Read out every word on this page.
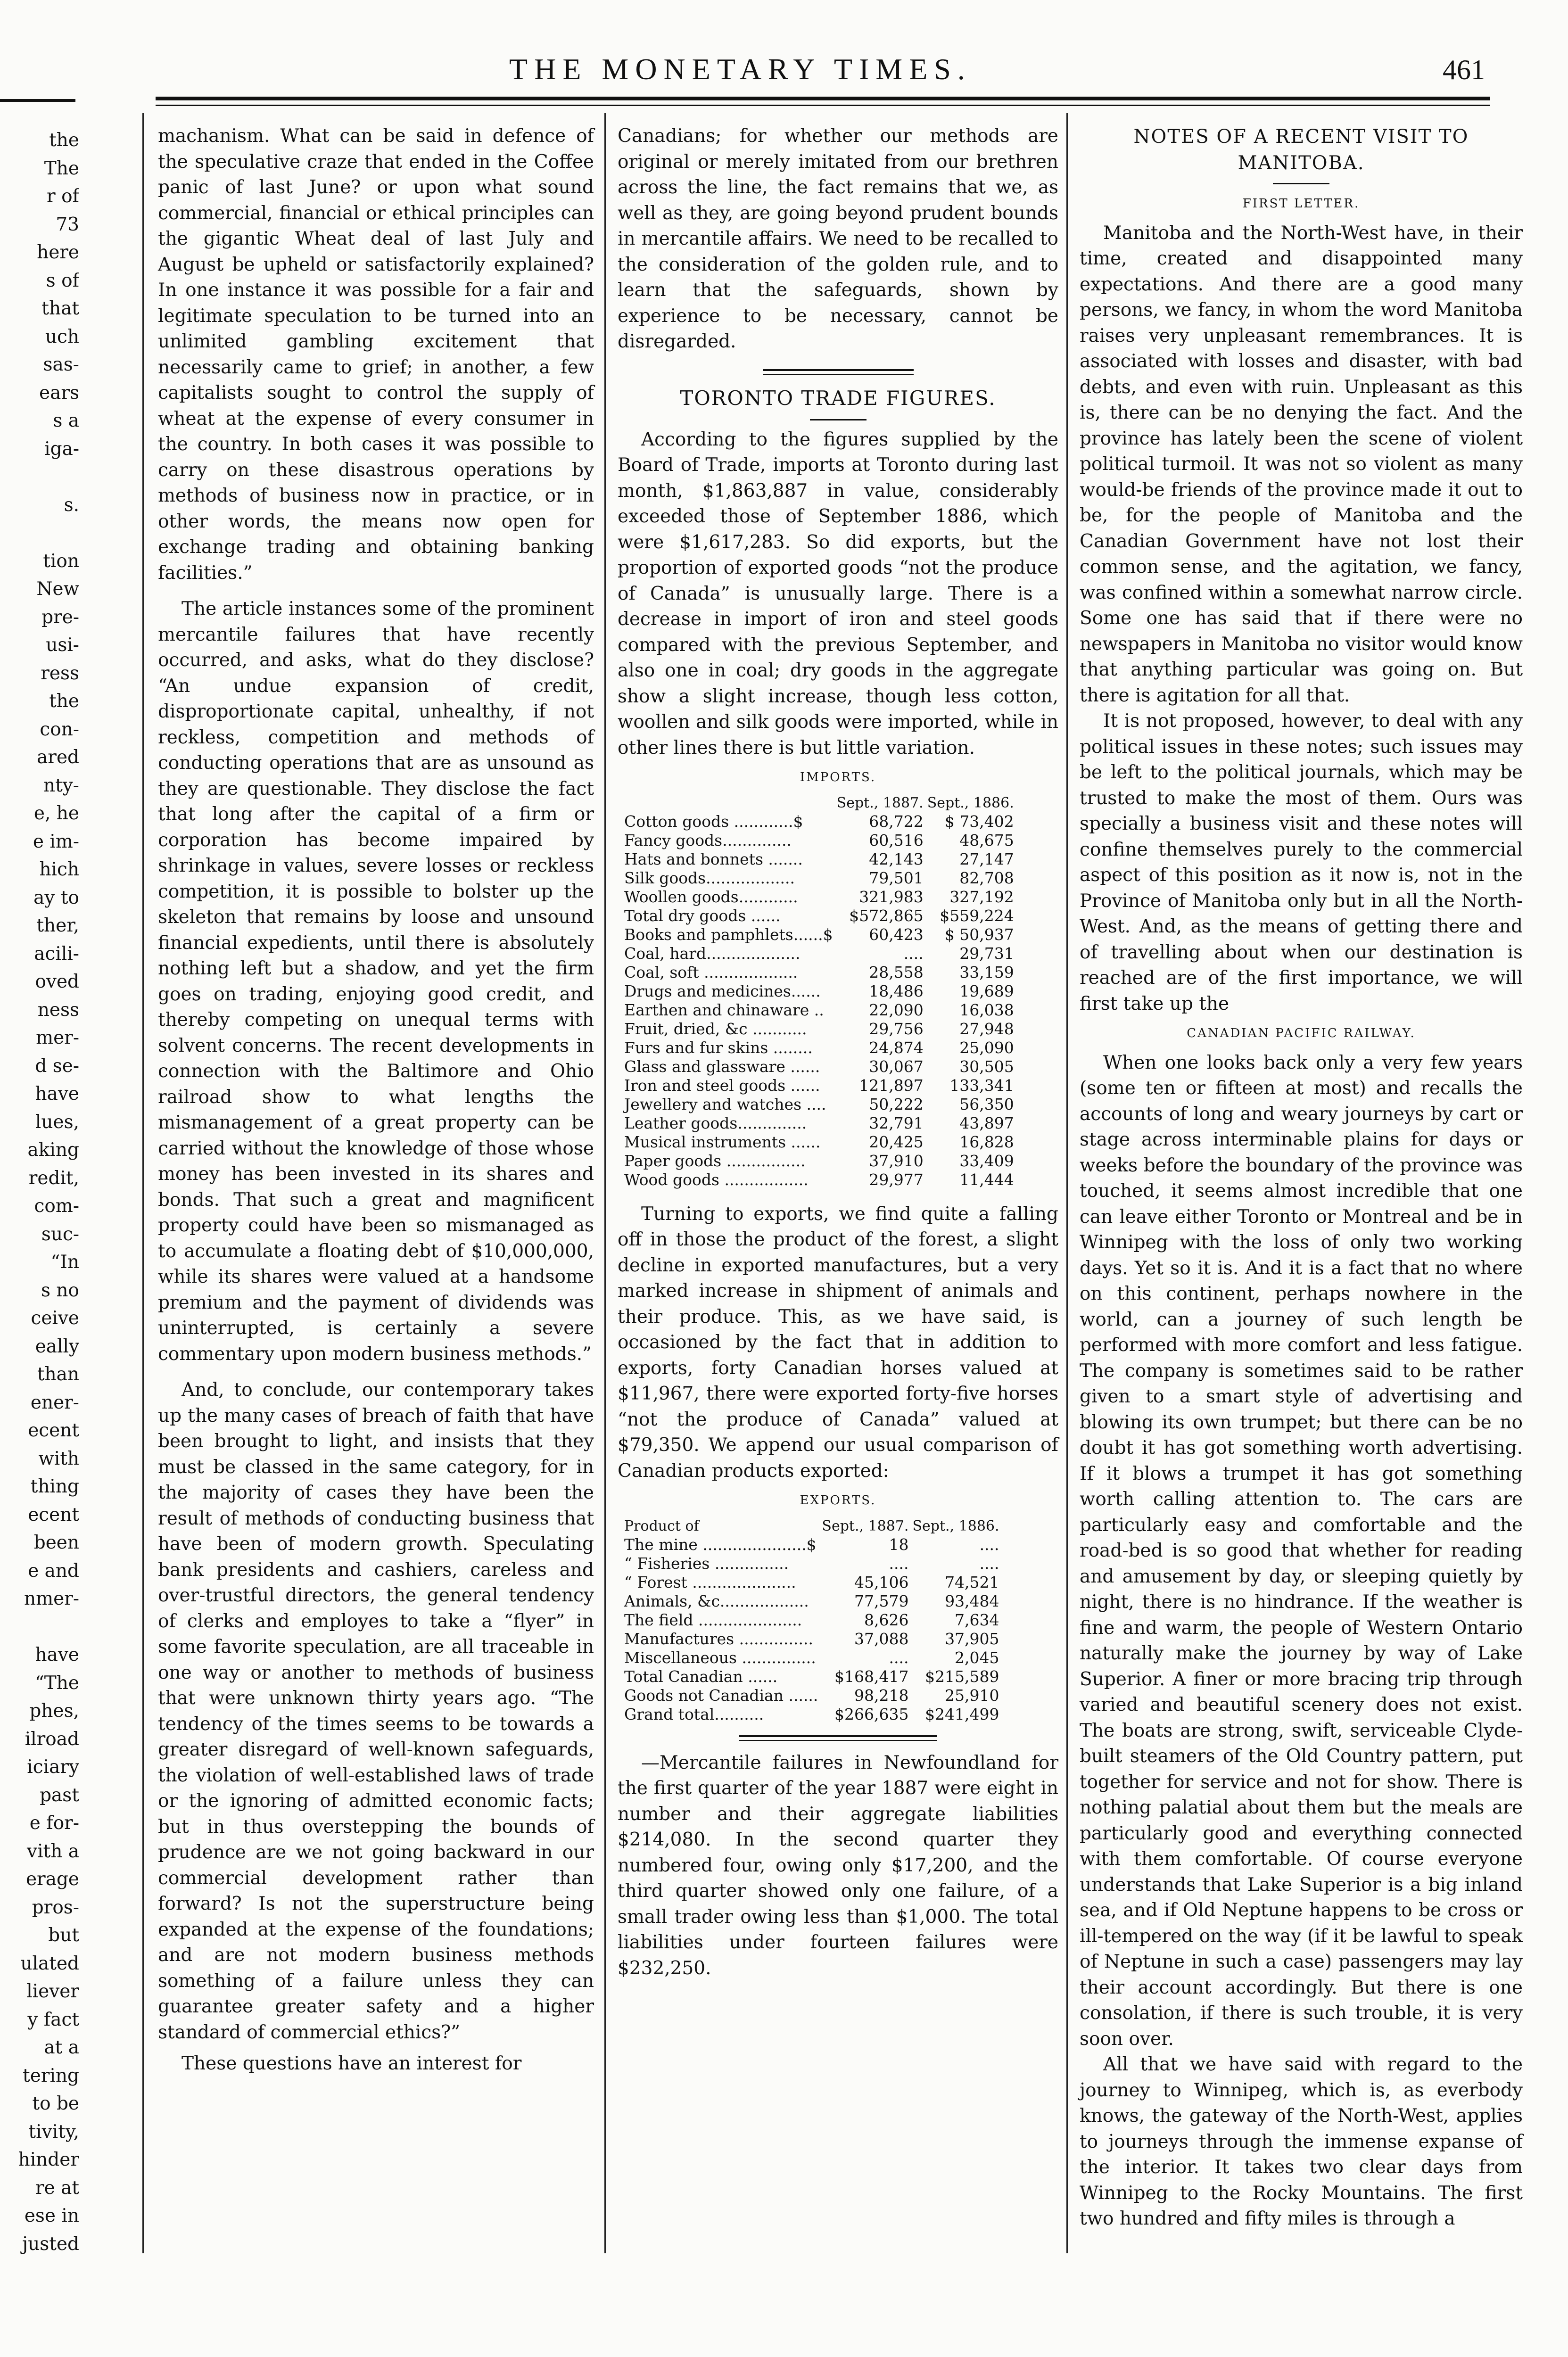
THE MONETARY TIMES.	461
the
The
r of
73
here
s of
that
uch
sas-
ears
s a
iga-
s.
tion
New
pre-
usi-
ress
the
con-
ared
nty-
e, he
e im-
hich
ay to
ther,
acili-
oved
ness
mer-
d se-
have
lues,
aking
redit,
com-
suc-
“In
s no
ceive
eally
than
ener-
ecent
with
thing
ecent
been
e and
nmer-
have
“The
phes,
ilroad
iciary
past
e for-
vith a
erage
pros-
but
ulated
liever
y fact
at a
tering
to be
tivity,
hinder
re at
ese in
justed

machanism. What can be said in defence of the speculative craze that ended in the Coffee panic of last June? or upon what sound commercial, financial or ethical principles can the gigantic Wheat deal of last July and August be upheld or satisfactorily explained? In one instance it was possible for a fair and legitimate speculation to be turned into an unlimited gambling excitement that necessarily came to grief; in another, a few capitalists sought to control the supply of wheat at the expense of every consumer in the country. In both cases it was possible to carry on these disastrous operations by methods of business now in practice, or in other words, the means now open for exchange trading and obtaining banking facilities.”

The article instances some of the prominent mercantile failures that have recently occurred, and asks, what do they disclose? “An undue expansion of credit, disproportionate capital, unhealthy, if not reckless, competition and methods of conducting operations that are as unsound as they are questionable. They disclose the fact that long after the capital of a firm or corporation has become impaired by shrinkage in values, severe losses or reckless competition, it is possible to bolster up the skeleton that remains by loose and unsound financial expedients, until there is absolutely nothing left but a shadow, and yet the firm goes on trading, enjoying good credit, and thereby competing on unequal terms with solvent concerns. The recent developments in connection with the Baltimore and Ohio railroad show to what lengths the mismanagement of a great property can be carried without the knowledge of those whose money has been invested in its shares and bonds. That such a great and magnificent property could have been so mismanaged as to accumulate a floating debt of $10,000,000, while its shares were valued at a handsome premium and the payment of dividends was uninterrupted, is certainly a severe commentary upon modern business methods.”

And, to conclude, our contemporary takes up the many cases of breach of faith that have been brought to light, and insists that they must be classed in the same category, for in the majority of cases they have been the result of methods of conducting business that have been of modern growth. Speculating bank presidents and cashiers, careless and over-trustful directors, the general tendency of clerks and employes to take a “flyer” in some favorite speculation, are all traceable in one way or another to methods of business that were unknown thirty years ago. “The tendency of the times seems to be towards a greater disregard of well-known safeguards, the violation of well-established laws of trade or the ignoring of admitted economic facts; but in thus overstepping the bounds of prudence are we not going backward in our commercial development rather than forward? Is not the superstructure being expanded at the expense of the foundations; and are not modern business methods something of a failure unless they can guarantee greater safety and a higher standard of commercial ethics?”

These questions have an interest for

Canadians; for whether our methods are original or merely imitated from our brethren across the line, the fact remains that we, as well as they, are going beyond prudent bounds in mercantile affairs. We need to be recalled to the consideration of the golden rule, and to learn that the safeguards, shown by experience to be necessary, cannot be disregarded.

TORONTO TRADE FIGURES.

According to the figures supplied by the Board of Trade, imports at Toronto during last month, $1,863,887 in value, considerably exceeded those of September 1886, which were $1,617,283. So did exports, but the proportion of exported goods “not the produce of Canada” is unusually large. There is a decrease in import of iron and steel goods compared with the previous September, and also one in coal; dry goods in the aggregate show a slight increase, though less cotton, woollen and silk goods were imported, while in other lines there is but little variation.

IMPORTS.
	Sept., 1887.	Sept., 1886.
Cotton goods ............$	68,722	$ 73,402
Fancy goods..............	60,516	48,675
Hats and bonnets .......	42,143	27,147
Silk goods..................	79,501	82,708
Woollen goods............	321,983	327,192
Total dry goods ......	$572,865	$559,224
Books and pamphlets......$	60,423	$ 50,937
Coal, hard...................	....	29,731
Coal, soft ...................	28,558	33,159
Drugs and medicines......	18,486	19,689
Earthen and chinaware ..	22,090	16,038
Fruit, dried, &c ...........	29,756	27,948
Furs and fur skins ........	24,874	25,090
Glass and glassware ......	30,067	30,505
Iron and steel goods ......	121,897	133,341
Jewellery and watches ....	50,222	56,350
Leather goods..............	32,791	43,897
Musical instruments ......	20,425	16,828
Paper goods ................	37,910	33,409
Wood goods .................	29,977	11,444

Turning to exports, we find quite a falling off in those the product of the forest, a slight decline in exported manufactures, but a very marked increase in shipment of animals and their produce. This, as we have said, is occasioned by the fact that in addition to exports, forty Canadian horses valued at $11,967, there were exported forty-five horses “not the produce of Canada” valued at $79,350. We append our usual comparison of Canadian products exported:

EXPORTS.
Product of	Sept., 1887.	Sept., 1886.
The mine .....................$	18	....
“ Fisheries ...............	....	....
“ Forest .....................	45,106	74,521
Animals, &c..................	77,579	93,484
The field .....................	8,626	7,634
Manufactures ...............	37,088	37,905
Miscellaneous ...............	....	2,045
Total Canadian ......	$168,417	$215,589
Goods not Canadian ......	98,218	25,910
Grand total..........	$266,635	$241,499

—Mercantile failures in Newfoundland for the first quarter of the year 1887 were eight in number and their aggregate liabilities $214,080. In the second quarter they numbered four, owing only $17,200, and the third quarter showed only one failure, of a small trader owing less than $1,000. The total liabilities under fourteen failures were $232,250.

NOTES OF A RECENT VISIT TO MANITOBA.
FIRST LETTER.

Manitoba and the North-West have, in their time, created and disappointed many expectations. And there are a good many persons, we fancy, in whom the word Manitoba raises very unpleasant remembrances. It is associated with losses and disaster, with bad debts, and even with ruin. Unpleasant as this is, there can be no denying the fact. And the province has lately been the scene of violent political turmoil. It was not so violent as many would-be friends of the province made it out to be, for the people of Manitoba and the Canadian Government have not lost their common sense, and the agitation, we fancy, was confined within a somewhat narrow circle. Some one has said that if there were no newspapers in Manitoba no visitor would know that anything particular was going on. But there is agitation for all that.

It is not proposed, however, to deal with any political issues in these notes; such issues may be left to the political journals, which may be trusted to make the most of them. Ours was specially a business visit and these notes will confine themselves purely to the commercial aspect of this position as it now is, not in the Province of Manitoba only but in all the North-West. And, as the means of getting there and of travelling about when our destination is reached are of the first importance, we will first take up the

CANADIAN PACIFIC RAILWAY.

When one looks back only a very few years (some ten or fifteen at most) and recalls the accounts of long and weary journeys by cart or stage across interminable plains for days or weeks before the boundary of the province was touched, it seems almost incredible that one can leave either Toronto or Montreal and be in Winnipeg with the loss of only two working days. Yet so it is. And it is a fact that no where on this continent, perhaps nowhere in the world, can a journey of such length be performed with more comfort and less fatigue. The company is sometimes said to be rather given to a smart style of advertising and blowing its own trumpet; but there can be no doubt it has got something worth advertising. If it blows a trumpet it has got something worth calling attention to. The cars are particularly easy and comfortable and the road-bed is so good that whether for reading and amusement by day, or sleeping quietly by night, there is no hindrance. If the weather is fine and warm, the people of Western Ontario naturally make the journey by way of Lake Superior. A finer or more bracing trip through varied and beautiful scenery does not exist. The boats are strong, swift, serviceable Clyde-built steamers of the Old Country pattern, put together for service and not for show. There is nothing palatial about them but the meals are particularly good and everything connected with them comfortable. Of course everyone understands that Lake Superior is a big inland sea, and if Old Neptune happens to be cross or ill-tempered on the way (if it be lawful to speak of Neptune in such a case) passengers may lay their account accordingly. But there is one consolation, if there is such trouble, it is very soon over.

All that we have said with regard to the journey to Winnipeg, which is, as everbody knows, the gateway of the North-West, applies to journeys through the immense expanse of the interior. It takes two clear days from Winnipeg to the Rocky Mountains. The first two hundred and fifty miles is through a
